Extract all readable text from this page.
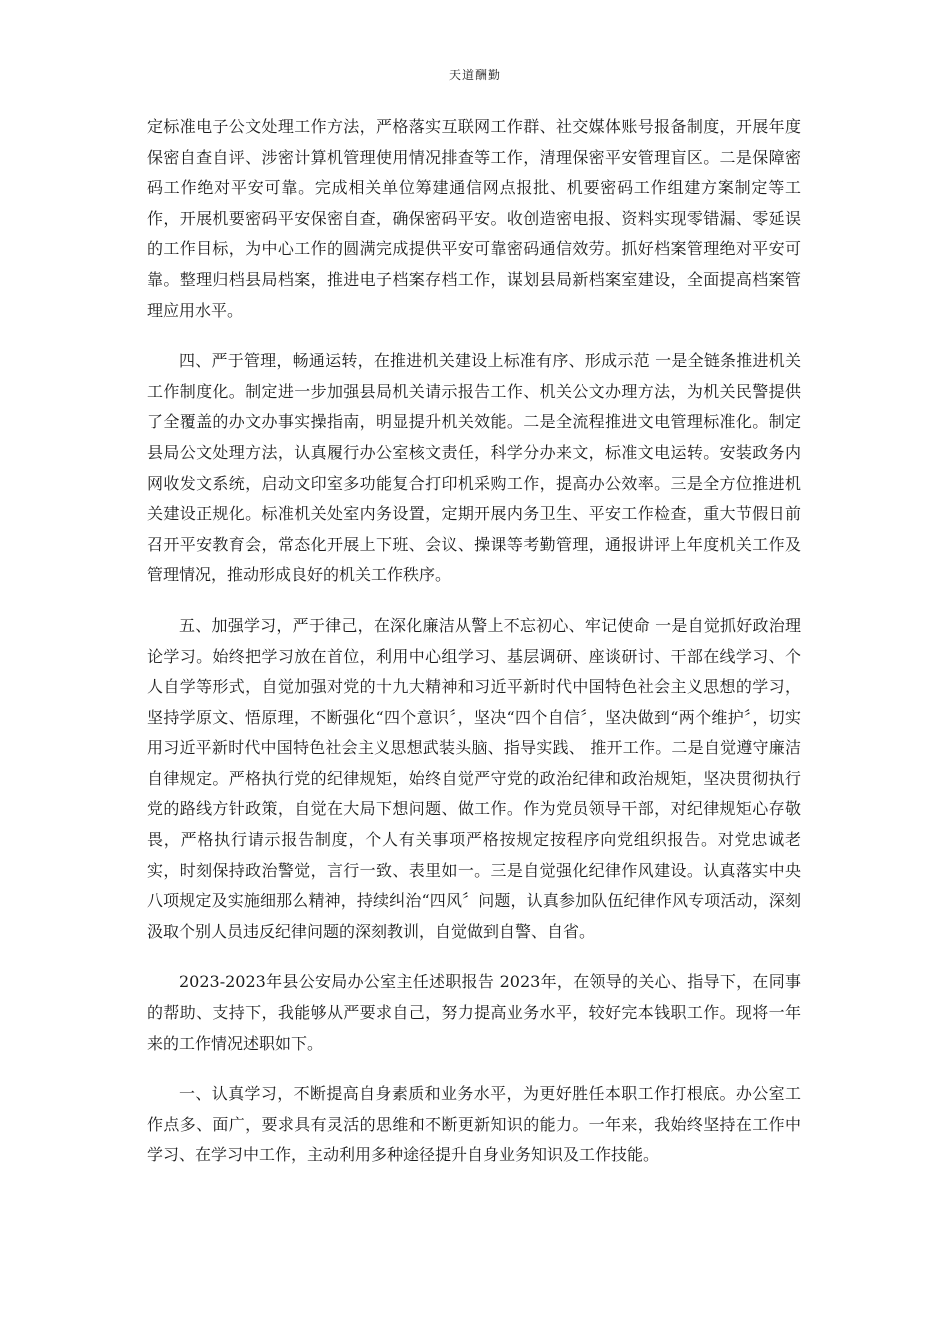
天道酬勤

定标准电子公文处理工作方法，严格落实互联网工作群、社交媒体账号报备制度，开展年度保密自查自评、涉密计算机管理使用情况排查等工作，清理保密平安管理盲区。二是保障密码工作绝对平安可靠。完成相关单位筹建通信网点报批、机要密码工作组建方案制定等工作，开展机要密码平安保密自查，确保密码平安。收创造密电报、资料实现零错漏、零延误的工作目标，为中心工作的圆满完成提供平安可靠密码通信效劳。抓好档案管理绝对平安可靠。整理归档县局档案，推进电子档案存档工作，谋划县局新档案室建设，全面提高档案管理应用水平。

四、严于管理，畅通运转，在推进机关建设上标准有序、形成示范 一是全链条推进机关工作制度化。制定进一步加强县局机关请示报告工作、机关公文办理方法，为机关民警提供了全覆盖的办文办事实操指南，明显提升机关效能。二是全流程推进文电管理标准化。制定县局公文处理方法，认真履行办公室核文责任，科学分办来文，标准文电运转。安装政务内网收发文系统，启动文印室多功能复合打印机采购工作，提高办公效率。三是全方位推进机关建设正规化。标准机关处室内务设置，定期开展内务卫生、平安工作检查，重大节假日前召开平安教育会，常态化开展上下班、会议、操课等考勤管理，通报讲评上年度机关工作及管理情况，推动形成良好的机关工作秩序。

五、加强学习，严于律己，在深化廉洁从警上不忘初心、牢记使命 一是自觉抓好政治理论学习。始终把学习放在首位，利用中心组学习、基层调研、座谈研讨、干部在线学习、个人自学等形式，自觉加强对党的十九大精神和习近平新时代中国特色社会主义思想的学习，坚持学原文、悟原理，不断强化“四个意识〞，坚决“四个自信〞，坚决做到“两个维护〞，切实用习近平新时代中国特色社会主义思想武装头脑、指导实践、 推开工作。二是自觉遵守廉洁自律规定。严格执行党的纪律规矩，始终自觉严守党的政治纪律和政治规矩，坚决贯彻执行党的路线方针政策，自觉在大局下想问题、做工作。作为党员领导干部，对纪律规矩心存敬畏，严格执行请示报告制度，个人有关事项严格按规定按程序向党组织报告。对党忠诚老实，时刻保持政治警觉，言行一致、表里如一。三是自觉强化纪律作风建设。认真落实中央八项规定及实施细那么精神，持续纠治“四风〞问题，认真参加队伍纪律作风专项活动，深刻汲取个别人员违反纪律问题的深刻教训，自觉做到自警、自省。

2023-2023年县公安局办公室主任述职报告 2023年，在领导的关心、指导下，在同事的帮助、支持下，我能够从严要求自己，努力提高业务水平，较好完本钱职工作。现将一年来的工作情况述职如下。

一、认真学习，不断提高自身素质和业务水平，为更好胜任本职工作打根底。办公室工作点多、面广，要求具有灵活的思维和不断更新知识的能力。一年来，我始终坚持在工作中学习、在学习中工作，主动利用多种途径提升自身业务知识及工作技能。
